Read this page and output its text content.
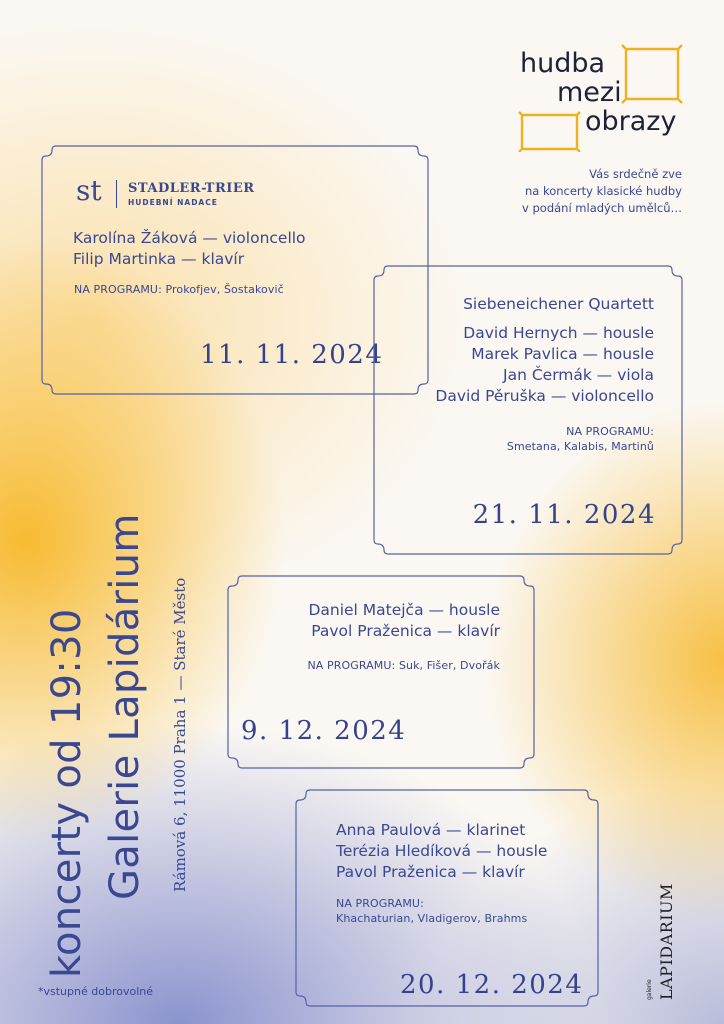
hudba
mezi
obrazy
Vás srdečně zve
na koncerty klasické hudby
v podání mladých umělců…
st STADLER-TRIER
HUDEBNÍ NADACE
Karolína Žáková — violoncello
Filip Martinka — klavír
NA PROGRAMU: Prokofjev, Šostakovič
11. 11. 2024
Siebeneichener Quartett
David Hernych — housle
Marek Pavlica — housle
Jan Čermák — viola
David Pěruška — violoncello
NA PROGRAMU:
Smetana, Kalabis, Martinů
21. 11. 2024
Daniel Matejča — housle
Pavol Praženica — klavír
NA PROGRAMU: Suk, Fišer, Dvořák
9. 12. 2024
Anna Paulová — klarinet
Terézia Hledíková — housle
Pavol Praženica — klavír
NA PROGRAMU:
Khachaturian, Vladigerov, Brahms
20. 12. 2024
koncerty od 19:30 Galerie Lapidárium Rámová 6, 11000 Praha 1 — Staré Město
*vstupné dobrovolné	galerie LAPIDARIUM
